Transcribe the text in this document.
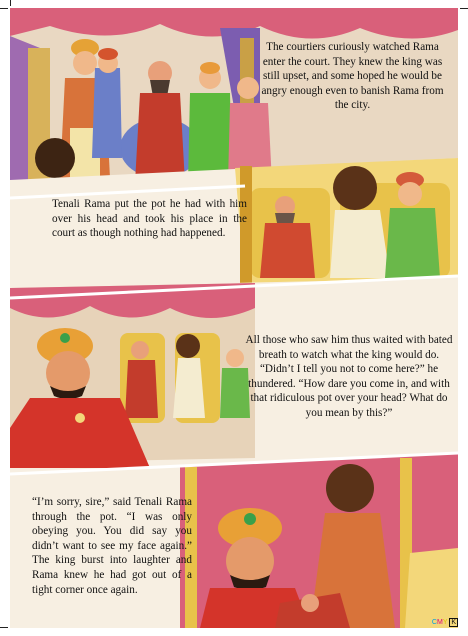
The courtiers curiously watched Rama enter the court. They knew the king was still upset, and some hoped he would be angry enough even to banish Rama from the city.
Tenali Rama put the pot he had with him over his head and took his place in the court as though nothing had happened.
All those who saw him thus waited with bated breath to watch what the king would do. “Didn’t I tell you not to come here?” he thundered. “How dare you come in, and with that ridiculous pot over your head? What do you mean by this?”
“I’m sorry, sire,” said Tenali Rama through the pot. “I was only obeying you. You did say you didn’t want to see my face again.” The king burst into laughter and Rama knew he had got out of a tight corner once again.
CMY K
